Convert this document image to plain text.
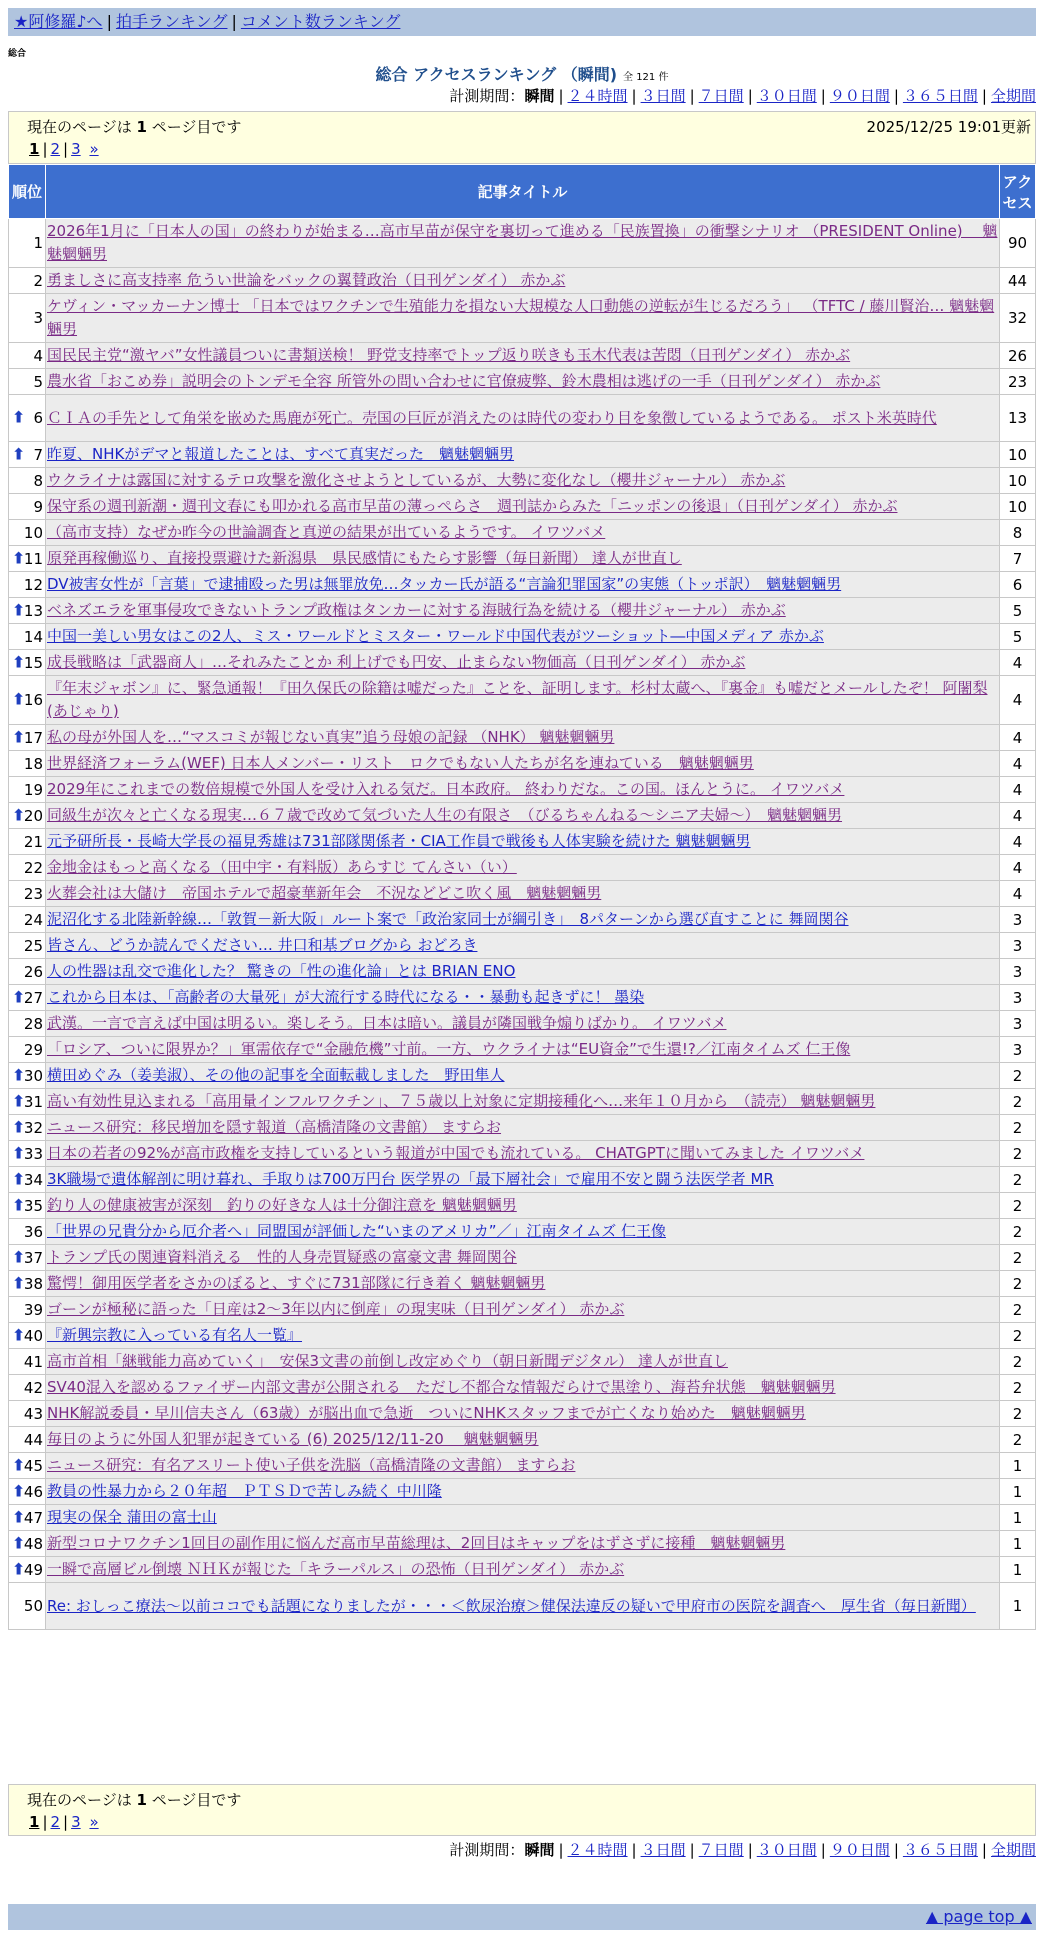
★阿修羅♪へ | 拍手ランキング | コメント数ランキング
総合
総合 アクセスランキング （瞬間) 全 121 件
計測期間：瞬間 | ２４時間 | ３日間 | ７日間 | ３０日間 | ９０日間 | ３６５日間 | 全期間
現在のページは 1 ページ目です	2025/12/25 19:01更新
1 | 2 | 3 »
順位	記事タイトル	アクセス
1	2026年1月に「日本人の国」の終わりが始まる…高市早苗が保守を裏切って進める「民族置換」の衝撃シナリオ （PRESIDENT Online)　 魑魅魍魎男	90
2	勇ましさに高支持率 危うい世論をバックの翼賛政治（日刊ゲンダイ） 赤かぶ	44
3	ケヴィン・マッカーナン博士 「日本ではワクチンで生殖能力を損ない大規模な人口動態の逆転が生じるだろう」 （TFTC / 藤川賢治… 魑魅魍魎男	32
4	国民民主党“激ヤバ”女性議員ついに書類送検！ 野党支持率でトップ返り咲きも玉木代表は苦悶（日刊ゲンダイ） 赤かぶ	26
5	農水省「おこめ券」説明会のトンデモ全容 所管外の問い合わせに官僚疲弊、鈴木農相は逃げの一手（日刊ゲンダイ） 赤かぶ	23

⬆ 6	ＣＩＡの手先として角栄を嵌めた馬鹿が死亡。売国の巨匠が消えたのは時代の変わり目を象徴しているようである。 ポスト米英時代	13

⬆ 7	昨夏、NHKがデマと報道したことは、すべて真実だった　魑魅魍魎男	10
8	ウクライナは露国に対するテロ攻撃を激化させようとしているが、大勢に変化なし（櫻井ジャーナル） 赤かぶ	10
9	保守系の週刊新潮・週刊文春にも叩かれる高市早苗の薄っぺらさ　週刊誌からみた「ニッポンの後退」（日刊ゲンダイ） 赤かぶ	10
10	（高市支持）なぜか昨今の世論調査と真逆の結果が出ているようです。 イワツバメ	8

⬆
11	原発再稼働巡り、直接投票避けた新潟県　県民感情にもたらす影響（毎日新聞） 達人が世直し	7
12	DV被害女性が「言葉」で逮捕殴った男は無罪放免…タッカー氏が語る“言論犯罪国家”の実態（トッポ訳）　魑魅魍魎男	6

⬆
13	ベネズエラを軍事侵攻できないトランプ政権はタンカーに対する海賊行為を続ける（櫻井ジャーナル） 赤かぶ	5
14	中国一美しい男女はこの2人、ミス・ワールドとミスター・ワールド中国代表がツーショット―中国メディア 赤かぶ	5

⬆
15	成長戦略は「武器商人」…それみたことか 利上げでも円安、止まらない物価高（日刊ゲンダイ） 赤かぶ	4

⬆
16	『年末ジャボン』に、緊急通報！『田久保氏の除籍は嘘だった』ことを、証明します。杉村太蔵へ、『裏金』も嘘だとメールしたぞ！ 阿闍梨(あじゃり)	4

⬆
17	私の母が外国人を…“マスコミが報じない真実”追う母娘の記録 （NHK） 魑魅魍魎男	4
18	世界経済フォーラム(WEF) 日本人メンバー・リスト　ロクでもない人たちが名を連ねている　魑魅魍魎男	4
19	2029年にこれまでの数倍規模で外国人を受け入れる気だ。日本政府。 終わりだな。この国。ほんとうに。 イワツバメ	4

⬆
20	同級生が次々と亡くなる現実…６７歳で改めて気づいた人生の有限さ　（びるちゃんねる～シニア夫婦～）　魑魅魍魎男	4
21	元予研所長・長崎大学長の福見秀雄は731部隊関係者・CIA工作員で戦後も人体実験を続けた 魑魅魍魎男	4
22	金地金はもっと高くなる（田中宇・有料版）あらすじ てんさい（い）	4
23	火葬会社は大儲け　帝国ホテルで超豪華新年会　不況などどこ吹く風　魑魅魍魎男	4
24	泥沼化する北陸新幹線…「敦賀－新大阪」ルート案で「政治家同士が綱引き」　8パターンから選び直すことに 舞岡関谷	3
25	皆さん、どうか読んでください… 井口和基ブログから おどろき	3
26	人の性器は乱交で進化した？ 驚きの「性の進化論」とは BRIAN ENO	3

⬆
27	これから日本は、「高齢者の大量死」が大流行する時代になる・・暴動も起きずに！ 墨染	3
28	武漢。一言で言えば中国は明るい。楽しそう。日本は暗い。議員が隣国戦争煽りばかり。 イワツバメ	3
29	「ロシア、ついに限界か？」軍需依存で“金融危機”寸前。一方、ウクライナは“EU資金”で生還!?／江南タイムズ 仁王像	3

⬆
30	横田めぐみ（姜美淑）、その他の記事を全面転載しました　野田隼人	2

⬆
31	高い有効性見込まれる「高用量インフルワクチン」、７５歳以上対象に定期接種化へ…来年１０月から　（読売） 魑魅魍魎男	2

⬆
32	ニュース研究：移民増加を隠す報道（高橋清隆の文書館） ますらお	2

⬆
33	日本の若者の92%が高市政権を支持しているという報道が中国でも流れている。 CHATGPTに聞いてみました イワツバメ	2

⬆
34	3K職場で遺体解剖に明け暮れ、手取りは700万円台 医学界の「最下層社会」で雇用不安と闘う法医学者 MR	2

⬆
35	釣り人の健康被害が深刻　釣りの好きな人は十分御注意を 魑魅魍魎男	2
36	「世界の兄貴分から厄介者へ」同盟国が評価した“いまのアメリカ”／」江南タイムズ 仁王像	2

⬆
37	トランプ氏の関連資料消える　性的人身売買疑惑の富豪文書 舞岡関谷	2

⬆
38	驚愕！御用医学者をさかのぼると、すぐに731部隊に行き着く 魑魅魍魎男	2
39	ゴーンが極秘に語った「日産は2～3年以内に倒産」の現実味（日刊ゲンダイ） 赤かぶ	2

⬆
40	『新興宗教に入っている有名人一覧』	2
41	高市首相「継戦能力高めていく」　安保3文書の前倒し改定めぐり（朝日新聞デジタル） 達人が世直し	2
42	SV40混入を認めるファイザー内部文書が公開される　ただし不都合な情報だらけで黒塗り、海苔弁状態　魑魅魍魎男	2
43	NHK解説委員・早川信夫さん（63歳）が脳出血で急逝　ついにNHKスタッフまでが亡くなり始めた　魑魅魍魎男	2
44	毎日のように外国人犯罪が起きている (6) 2025/12/11-20　 魑魅魍魎男	2

⬆
45	ニュース研究：有名アスリート使い子供を洗脳（高橋清隆の文書館） ますらお	1

⬆
46	教員の性暴力から２０年超　ＰＴＳＤで苦しみ続く 中川隆	1

⬆
47	現実の保全 蒲田の富士山	1

⬆
48	新型コロナワクチン1回目の副作用に悩んだ高市早苗総理は、2回目はキャップをはずさずに接種　魑魅魍魎男	1

⬆
49	一瞬で高層ビル倒壊 ＮＨＫが報じた「キラーパルス」の恐怖（日刊ゲンダイ） 赤かぶ	1
50	Re: おしっこ療法～以前ココでも話題になりましたが・・・＜飲尿治療＞健保法違反の疑いで甲府市の医院を調査へ　厚生省（毎日新聞）	1
現在のページは 1 ページ目です
1 | 2 | 3 »
計測期間：瞬間 | ２４時間 | ３日間 | ７日間 | ３０日間 | ９０日間 | ３６５日間 | 全期間
▲ page top ▲
